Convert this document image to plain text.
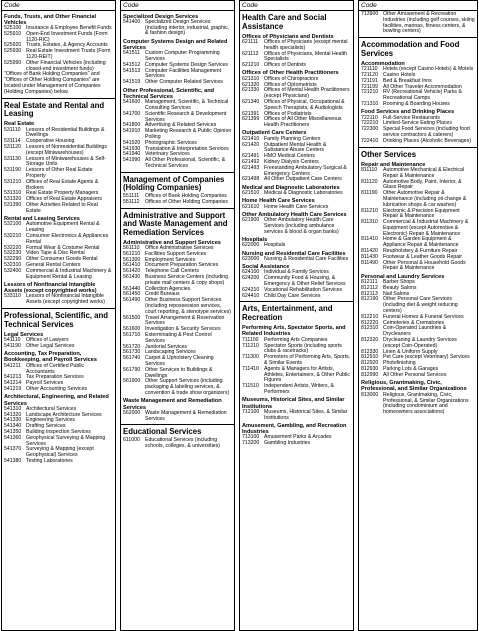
Code
Funds, Trusts, and Other Financial Vehicles
525100 Insurance & Employee Benefit Funds
525910 Open-End Investment Funds (Form 1120-RIC)
525920 Trusts, Estates, & Agency Accounts
525930 Real Estate Investment Trusts (Form 1120-REIT)
525990 Other Financial Vehicles (including closed-end investment funds)
"Offices of Bank Holding Companies" and "Offices of Other Holding Companies" are located under Management of Companies (Holding Companies) below.
Real Estate and Rental and Leasing
Real Estate
531110	Lessors of Residential Buildings & Dwellings
531114	Cooperative Housing
531120 Lessors of Nonresidential Buildings (except Miniwarehouses)
531130 Lessors of Miniwarehouses & Self-Storage Units
531190 Lessors of Other Real Estate Property
531210 Offices of Real Estate Agents & Brokers
531310 Real Estate Property Managers
531320 Offices of Real Estate Appraisers
531390 Other Activities Related to Real Estate
Rental and Leasing Services
532100 Automotive Equipment Rental & Leasing
532210 Consumer Electronics & Appliances Rental
532220 Formal Wear & Costume Rental
532230 Video Tape & Disc Rental
532290 Other Consumer Goods Rental
532310 General Rental Centers
532400 Commercial & Industrial Machinery & Equipment Rental & Leasing
Lessors of Nonfinancial Intangible Assets (except copyrighted works)
533110 Lessors of Nonfinancial Intangible Assets (except copyrighted works)
Professional, Scientific, and Technical Services
Legal Services
541110	Offices of Lawyers
541190 Other Legal Services
Accounting, Tax Preparation, Bookkeeping, and Payroll Services
541211 Offices of Certified Public Accountants
541213 Tax Preparation Services
541214 Payroll Services
541219 Other Accounting Services
Architectural, Engineering, and Related Services
541310 Architectural Services
541320 Landscape Architecture Services
541330 Engineering Services
541340 Drafting Services
541350 Building Inspection Services
541360 Geophysical Surveying & Mapping Services
541370 Surveying & Mapping (except Geophysical) Services
541380 Testing Laboratories
Code
Specialized Design Services
541400 Specialized Design Services (including interior, industrial, graphic, & fashion design)
Computer Systems Design and Related Services
541511 Custom Computer Programming Services
541512 Computer Systems Design Services
541513 Computer Facilities Management Services
541519 Other Computer Related Services
Other Professional, Scientific, and Technical Services
541600 Management, Scientific, & Technical Consulting Services
541700 Scientific Research & Development Services
541800 Advertising & Related Services
541910 Marketing Research & Public Opinion Polling
541920 Photographic Services
541930 Translation & Interpretation Services
541940 Veterinary Services
541990 All Other Professional, Scientific, & Technical Services
Management of Companies (Holding Companies)
551111	Offices of Bank Holding Companies
551112	Offices of Other Holding Companies
Administrative and Support and Waste Management and Remediation Services
Administrative and Support Services
561110	Office Administrative Services
561210 Facilities Support Services
561300 Employment Services
561410 Document Preparation Services
561420 Telephone Call Centers
561430 Business Service Centers (including private mail centers & copy shops)
561440 Collection Agencies
561450 Credit Bureaus
561490 Other Business Support Services (including repossession services, court reporting, & stenotype services)
561500 Travel Arrangement & Reservation Services
561600 Investigation & Security Services
561710 Exterminating & Pest Control Services
561720 Janitorial Services
561730 Landscaping Services
561740 Carpet & Upholstery Cleaning Services
561790 Other Services to Buildings & Dwellings
561900 Other Support Services (including packaging & labeling services, & convention & trade show organizers)
Waste Management and Remediation Services
562000 Waste Management & Remediation Services
Educational Services
611000 Educational Services (including schools, colleges, & universities)
Code
Health Care and Social Assistance
Offices of Physicians and Dentists
621111	Offices of Physicians (except mental health specialists)
621112	Offices of Physicians, Mental Health Specialists
621210 Offices of Dentists
Offices of Other Health Practitioners
621310 Offices of Chiropractors
621320 Offices of Optometrists
621330 Offices of Mental Health Practitioners (except Physicians)
621340 Offices of Physical, Occupational & Speech Therapists, & Audiologists
621391 Offices of Podiatrists
621399 Offices of All Other Miscellaneous Health Practitioners
Outpatient Care Centers
621410 Family Planning Centers
621420 Outpatient Mental Health & Substance Abuse Centers
621491 HMO Medical Centers
621492 Kidney Dialysis Centers
621493 Freestanding Ambulatory Surgical & Emergency Centers
621498 All Other Outpatient Care Centers
Medical and Diagnostic Laboratories
621510 Medical & Diagnostic Laboratories
Home Health Care Services
621610 Home Health Care Services
Other Ambulatory Health Care Services
621900 Other Ambulatory Health Care Services (including ambulance services & blood & organ banks)
Hospitals
622000 Hospitals
Nursing and Residential Care Facilities
623000 Nursing & Residential Care Facilities
Social Assistance
624100 Individual & Family Services
624200 Community Food & Housing, & Emergency & Other Relief Services
624310 Vocational Rehabilitation Services
624410 Child Day Care Services
Arts, Entertainment, and Recreation
Performing Arts, Spectator Sports, and Related Industries
711100	Performing Arts Companies
711210 Spectator Sports (including sports clubs & racetracks)
711300 Promoters of Performing Arts, Sports, & Similar Events
711410 Agents & Managers for Artists, Athletes, Entertainers, & Other Public Figures
711510 Independent Artists, Writers, & Performers
Museums, Historical Sites, and Similar Institutions
712100 Museums, Historical Sites, & Similar Institutions
Amusement, Gambling, and Recreation Industries
713100 Amusement Parks & Arcades
713200 Gambling Industries
Code
713900 Other Amusement & Recreation Industries (including golf courses, skiing facilities, marinas, fitness centers, & bowling centers)
Accommodation and Food Services
Accommodation
721110	Hotels (except Casino Hotels) & Motels
721120 Casino Hotels
721191 Bed & Breakfast Inns
721199 All Other Traveler Accommodation
721210 RV (Recreational Vehicle) Parks & Recreational Camps
721310 Rooming & Boarding Houses
Food Services and Drinking Places
722110 Full-Service Restaurants
722210 Limited-Service Eating Places
722300 Special Food Services (including food service contractors & caterers)
722410 Drinking Places (Alcoholic Beverages)
Other Services
Repair and Maintenance
811110	Automotive Mechanical & Electrical Repair & Maintenance
811120	Automotive Body, Paint, Interior, & Glass Repair
811190	Other Automotive Repair & Maintenance (including oil change & lubrication shops & car washes)
811210 Electronic & Precision Equipment Repair & Maintenance
811310 Commercial & Industrial Machinery & Equipment (except Automotive & Electronic) Repair & Maintenance
811410 Home & Garden Equipment & Appliance Repair & Maintenance
811420 Reupholstery & Furniture Repair
811430 Footwear & Leather Goods Repair
811490 Other Personal & Household Goods Repair & Maintenance
Personal and Laundry Services
812111	Barber Shops
812112 Beauty Salons
812113 Nail Salons
812190 Other Personal Care Services (including diet & weight reducing centers)
812210 Funeral Homes & Funeral Services
812220 Cemeteries & Crematories
812310 Coin-Operated Laundries & Drycleaners
812320 Drycleaning & Laundry Services (except Coin-Operated)
812330 Linen & Uniform Supply
812910 Pet Care (except Veterinary) Services
812920 Photofinishing
812930 Parking Lots & Garages
812990 All Other Personal Services
Religious, Grantmaking, Civic, Professional, and Similar Organizations
813000 Religious, Grantmaking, Civic, Professional, & Similar Organizations (including condominium and homeowners associations)
